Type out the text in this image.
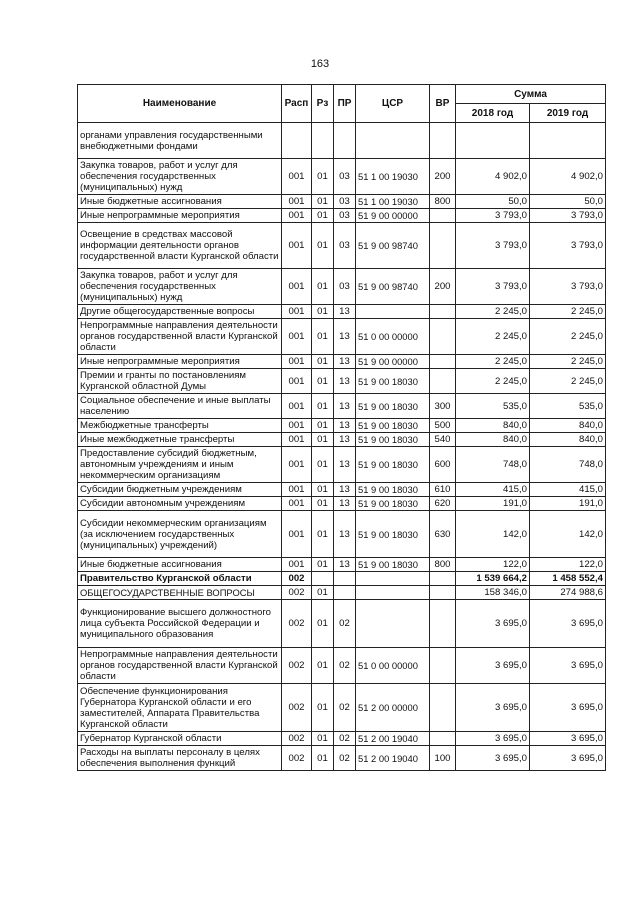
163
Наименование	Расп	Рз	ПР	ЦСР	ВР	Сумма	
						2018 год	2019 год
органами управления государственными внебюджетными фондами							
Закупка товаров, работ и услуг для обеспечения государственных (муниципальных) нужд	001	01	03	51 1 00 19030	200	4 902,0	4 902,0
Иные бюджетные ассигнования	001	01	03	51 1 00 19030	800	50,0	50,0
Иные непрограммные мероприятия	001	01	03	51 9 00 00000		3 793,0	3 793,0
Освещение в средствах массовой информации деятельности органов государственной власти Курганской области	001	01	03	51 9 00 98740		3 793,0	3 793,0
Закупка товаров, работ и услуг для обеспечения государственных (муниципальных) нужд	001	01	03	51 9 00 98740	200	3 793,0	3 793,0
Другие общегосударственные вопросы	001	01	13			2 245,0	2 245,0
Непрограммные направления деятельности органов государственной власти Курганской области	001	01	13	51 0 00 00000		2 245,0	2 245,0
Иные непрограммные мероприятия	001	01	13	51 9 00 00000		2 245,0	2 245,0
Премии и гранты по постановлениям Курганской областной Думы	001	01	13	51 9 00 18030		2 245,0	2 245,0
Социальное обеспечение и иные выплаты населению	001	01	13	51 9 00 18030	300	535,0	535,0
Межбюджетные трансферты	001	01	13	51 9 00 18030	500	840,0	840,0
Иные межбюджетные трансферты	001	01	13	51 9 00 18030	540	840,0	840,0
Предоставление субсидий бюджетным, автономным учреждениям и иным некоммерческим организациям	001	01	13	51 9 00 18030	600	748,0	748,0
Субсидии бюджетным учреждениям	001	01	13	51 9 00 18030	610	415,0	415,0
Субсидии автономным учреждениям	001	01	13	51 9 00 18030	620	191,0	191,0
Субсидии некоммерческим организациям (за исключением государственных (муниципальных) учреждений)	001	01	13	51 9 00 18030	630	142,0	142,0
Иные бюджетные ассигнования	001	01	13	51 9 00 18030	800	122,0	122,0
Правительство Курганской области	002					1 539 664,2	1 458 552,4
ОБЩЕГОСУДАРСТВЕННЫЕ ВОПРОСЫ	002	01				158 346,0	274 988,6
Функционирование высшего должностного лица субъекта Российской Федерации и муниципального образования	002	01	02			3 695,0	3 695,0
Непрограммные направления деятельности органов государственной власти Курганской области	002	01	02	51 0 00 00000		3 695,0	3 695,0
Обеспечение функционирования Губернатора Курганской области и его заместителей, Аппарата Правительства Курганской области	002	01	02	51 2 00 00000		3 695,0	3 695,0
Губернатор Курганской области	002	01	02	51 2 00 19040		3 695,0	3 695,0
Расходы на выплаты персоналу в целях обеспечения выполнения функций	002	01	02	51 2 00 19040	100	3 695,0	3 695,0
